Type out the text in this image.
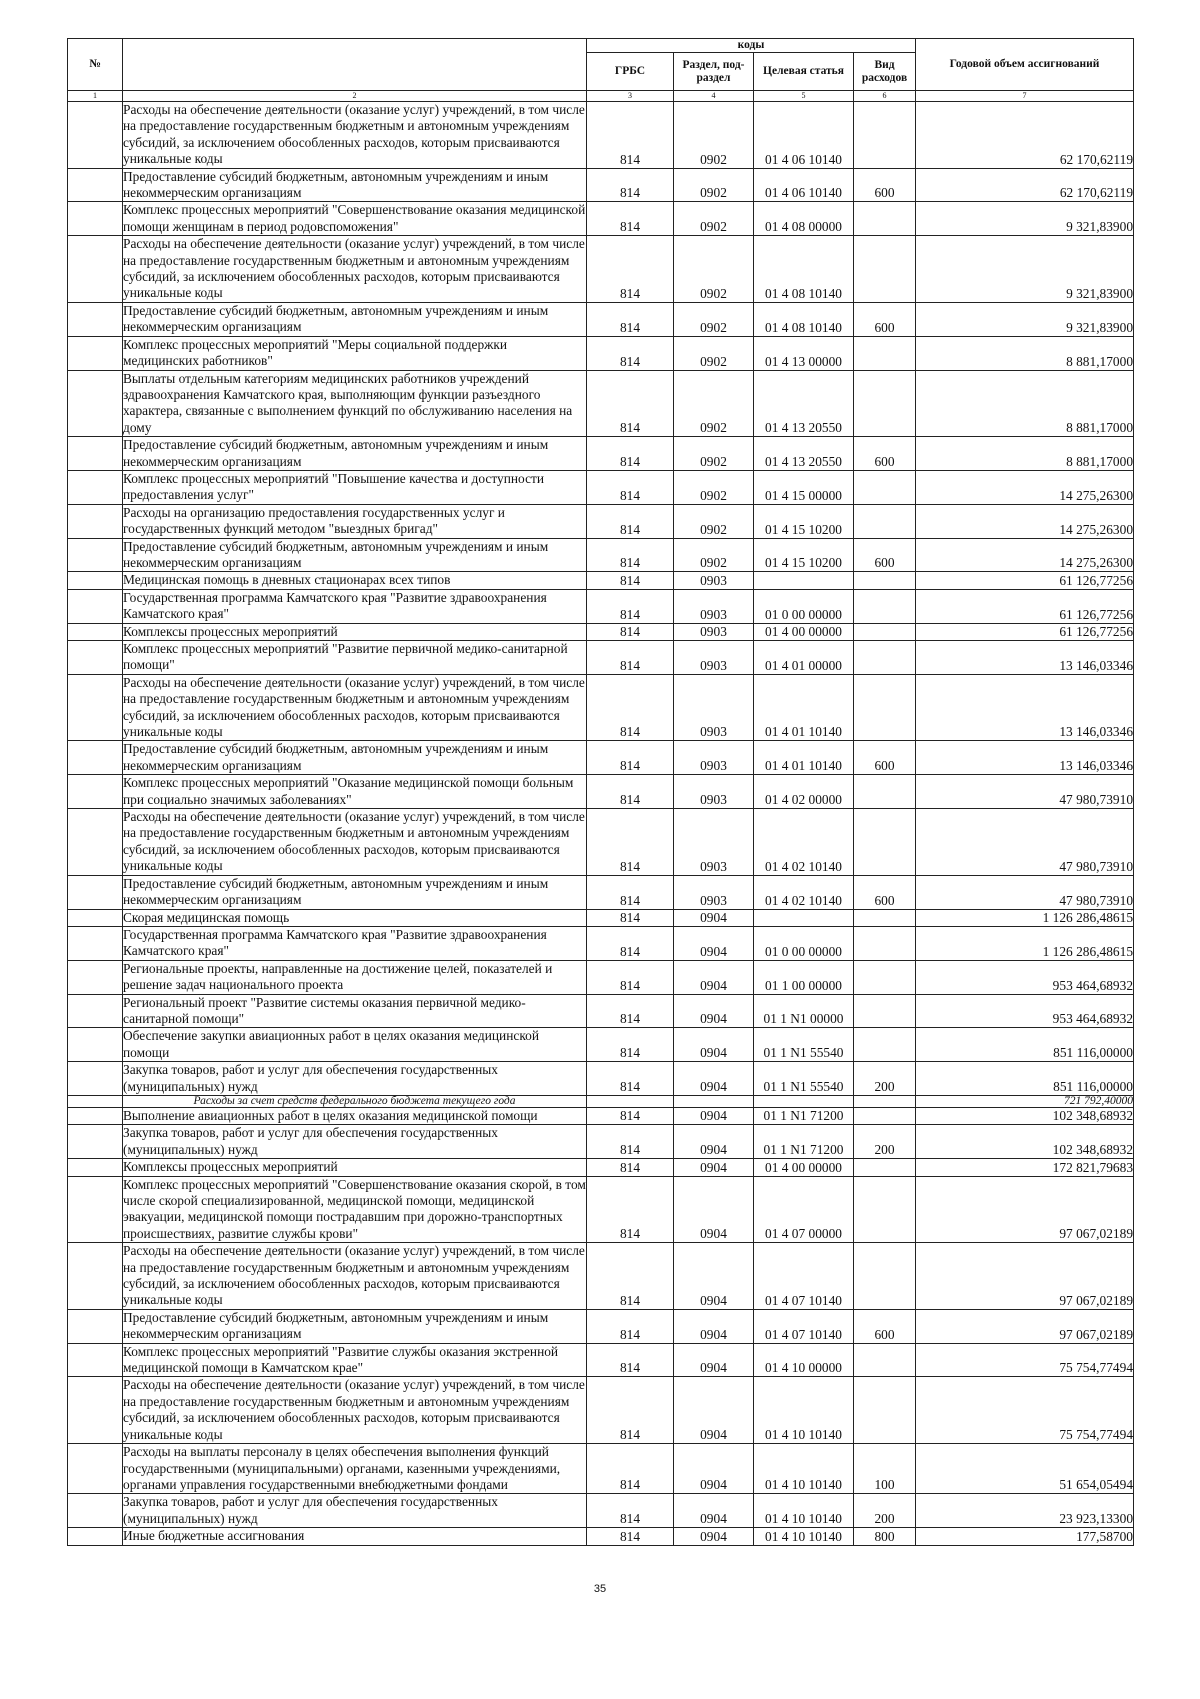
№		коды				Годовой объем ассигнований
		ГРБС	Раздел, под-раздел	Целевая статья	Вид расходов	
1	2	3	4	5	6	7
	Расходы на обеспечение деятельности (оказание услуг) учреждений, в том числе на предоставление государственным бюджетным и автономным учреждениям субсидий, за исключением обособленных расходов, которым присваиваются уникальные коды	814	0902	01 4 06 10140		62 170,62119
	Предоставление субсидий бюджетным, автономным учреждениям и иным некоммерческим организациям	814	0902	01 4 06 10140	600	62 170,62119
	Комплекс процессных мероприятий "Совершенствование оказания медицинской помощи женщинам в период родовспоможения"	814	0902	01 4 08 00000		9 321,83900
	Расходы на обеспечение деятельности (оказание услуг) учреждений, в том числе на предоставление государственным бюджетным и автономным учреждениям субсидий, за исключением обособленных расходов, которым присваиваются уникальные коды	814	0902	01 4 08 10140		9 321,83900
	Предоставление субсидий бюджетным, автономным учреждениям и иным некоммерческим организациям	814	0902	01 4 08 10140	600	9 321,83900
	Комплекс процессных мероприятий "Меры социальной поддержки медицинских работников"	814	0902	01 4 13 00000		8 881,17000
	Выплаты отдельным категориям медицинских работников учреждений здравоохранения Камчатского края, выполняющим функции разъездного характера, связанные с выполнением функций по обслуживанию населения на дому	814	0902	01 4 13 20550		8 881,17000
	Предоставление субсидий бюджетным, автономным учреждениям и иным некоммерческим организациям	814	0902	01 4 13 20550	600	8 881,17000
	Комплекс процессных мероприятий "Повышение качества и доступности предоставления услуг"	814	0902	01 4 15 00000		14 275,26300
	Расходы на организацию предоставления государственных услуг и государственных функций методом "выездных бригад"	814	0902	01 4 15 10200		14 275,26300
	Предоставление субсидий бюджетным, автономным учреждениям и иным некоммерческим организациям	814	0902	01 4 15 10200	600	14 275,26300
	Медицинская помощь в дневных стационарах всех типов	814	0903			61 126,77256
	Государственная программа Камчатского края "Развитие здравоохранения Камчатского края"	814	0903	01 0 00 00000		61 126,77256
	Комплексы процессных мероприятий	814	0903	01 4 00 00000		61 126,77256
	Комплекс процессных мероприятий "Развитие первичной медико-санитарной помощи"	814	0903	01 4 01 00000		13 146,03346
	Расходы на обеспечение деятельности (оказание услуг) учреждений, в том числе на предоставление государственным бюджетным и автономным учреждениям субсидий, за исключением обособленных расходов, которым присваиваются уникальные коды	814	0903	01 4 01 10140		13 146,03346
	Предоставление субсидий бюджетным, автономным учреждениям и иным некоммерческим организациям	814	0903	01 4 01 10140	600	13 146,03346
	Комплекс процессных мероприятий "Оказание медицинской помощи больным при социально значимых заболеваниях"	814	0903	01 4 02 00000		47 980,73910
	Расходы на обеспечение деятельности (оказание услуг) учреждений, в том числе на предоставление государственным бюджетным и автономным учреждениям субсидий, за исключением обособленных расходов, которым присваиваются уникальные коды	814	0903	01 4 02 10140		47 980,73910
	Предоставление субсидий бюджетным, автономным учреждениям и иным некоммерческим организациям	814	0903	01 4 02 10140	600	47 980,73910
	Скорая медицинская помощь	814	0904			1 126 286,48615
	Государственная программа Камчатского края "Развитие здравоохранения Камчатского края"	814	0904	01 0 00 00000		1 126 286,48615
	Региональные проекты, направленные на достижение целей, показателей и решение задач национального проекта	814	0904	01 1 00 00000		953 464,68932
	Региональный проект "Развитие системы оказания первичной медико-санитарной помощи"	814	0904	01 1 N1 00000		953 464,68932
	Обеспечение закупки авиационных работ в целях оказания медицинской помощи	814	0904	01 1 N1 55540		851 116,00000
	Закупка товаров, работ и услуг для обеспечения государственных (муниципальных) нужд	814	0904	01 1 N1 55540	200	851 116,00000
	Расходы за счет средств федерального бюджета текущего года					721 792,40000
	Выполнение авиационных работ в целях оказания медицинской помощи	814	0904	01 1 N1 71200		102 348,68932
	Закупка товаров, работ и услуг для обеспечения государственных (муниципальных) нужд	814	0904	01 1 N1 71200	200	102 348,68932
	Комплексы процессных мероприятий	814	0904	01 4 00 00000		172 821,79683
	Комплекс процессных мероприятий "Совершенствование оказания скорой, в том числе скорой специализированной, медицинской помощи, медицинской эвакуации, медицинской помощи пострадавшим при дорожно-транспортных происшествиях, развитие службы крови"	814	0904	01 4 07 00000		97 067,02189
	Расходы на обеспечение деятельности (оказание услуг) учреждений, в том числе на предоставление государственным бюджетным и автономным учреждениям субсидий, за исключением обособленных расходов, которым присваиваются уникальные коды	814	0904	01 4 07 10140		97 067,02189
	Предоставление субсидий бюджетным, автономным учреждениям и иным некоммерческим организациям	814	0904	01 4 07 10140	600	97 067,02189
	Комплекс процессных мероприятий "Развитие службы оказания экстренной медицинской помощи в Камчатском крае"	814	0904	01 4 10 00000		75 754,77494
	Расходы на обеспечение деятельности (оказание услуг) учреждений, в том числе на предоставление государственным бюджетным и автономным учреждениям субсидий, за исключением обособленных расходов, которым присваиваются уникальные коды	814	0904	01 4 10 10140		75 754,77494
	Расходы на выплаты персоналу в целях обеспечения выполнения функций государственными (муниципальными) органами, казенными учреждениями, органами управления государственными внебюджетными фондами	814	0904	01 4 10 10140	100	51 654,05494
	Закупка товаров, работ и услуг для обеспечения государственных (муниципальных) нужд	814	0904	01 4 10 10140	200	23 923,13300
	Иные бюджетные ассигнования	814	0904	01 4 10 10140	800	177,58700
35
